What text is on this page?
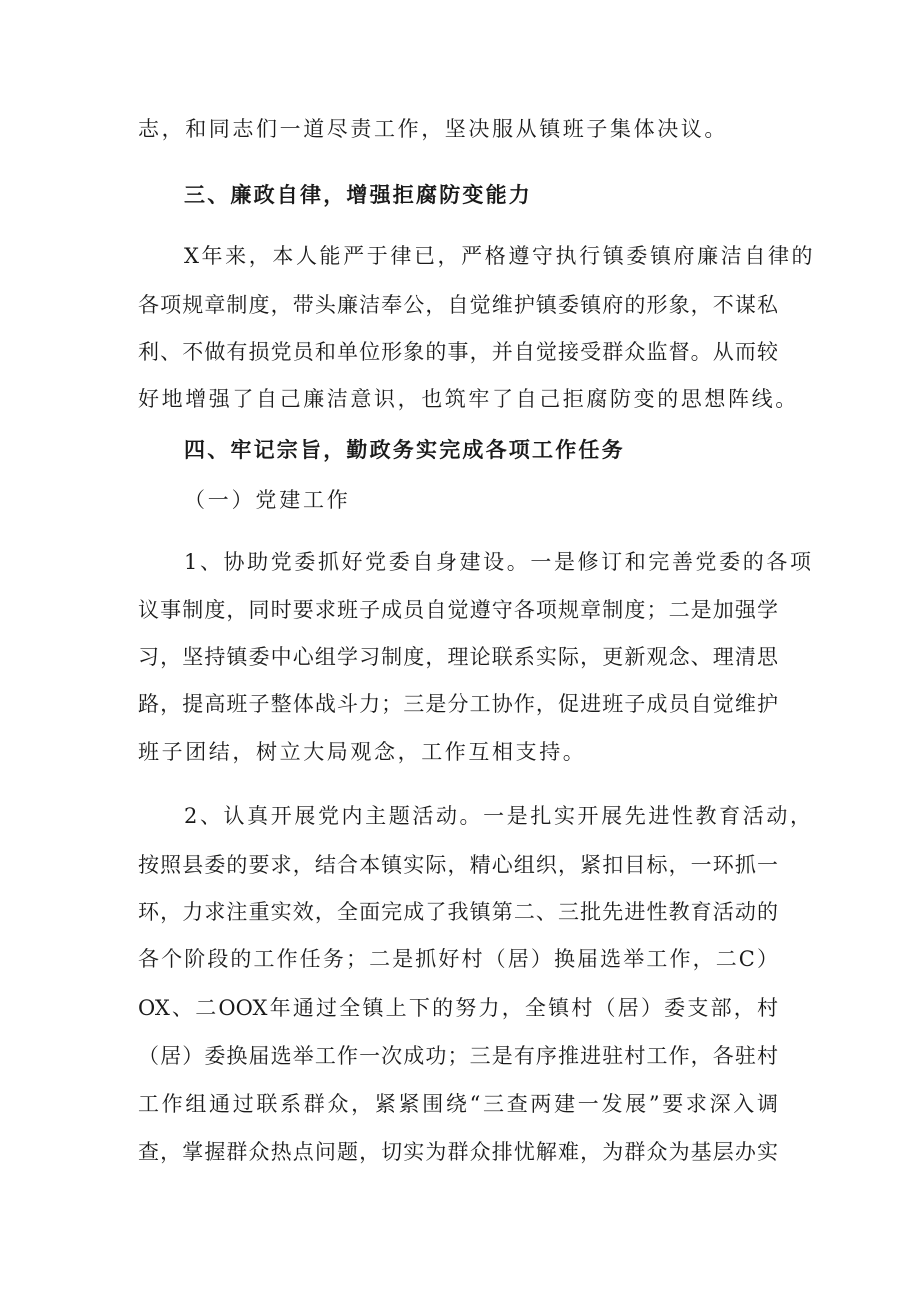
志，和同志们一道尽责工作，坚决服从镇班子集体决议。
三、廉政自律，增强拒腐防变能力
X年来，本人能严于律已，严格遵守执行镇委镇府廉洁自律的
各项规章制度，带头廉洁奉公，自觉维护镇委镇府的形象，不谋私
利、不做有损党员和单位形象的事，并自觉接受群众监督。从而较
好地增强了自己廉洁意识，也筑牢了自己拒腐防变的思想阵线。
四、牢记宗旨，勤政务实完成各项工作任务
（一）党建工作
1、协助党委抓好党委自身建设。一是修订和完善党委的各项
议事制度，同时要求班子成员自觉遵守各项规章制度；二是加强学
习，坚持镇委中心组学习制度，理论联系实际，更新观念、理清思
路，提高班子整体战斗力；三是分工协作，促进班子成员自觉维护
班子团结，树立大局观念，工作互相支持。
2、认真开展党内主题活动。一是扎实开展先进性教育活动，
按照县委的要求，结合本镇实际，精心组织，紧扣目标，一环抓一
环，力求注重实效，全面完成了我镇第二、三批先进性教育活动的
各个阶段的工作任务；二是抓好村（居）换届选举工作，二C）
OX、二OOX年通过全镇上下的努力，全镇村（居）委支部，村
（居）委换届选举工作一次成功；三是有序推进驻村工作，各驻村
工作组通过联系群众，紧紧围绕“三查两建一发展”要求深入调
查，掌握群众热点问题，切实为群众排忧解难，为群众为基层办实
